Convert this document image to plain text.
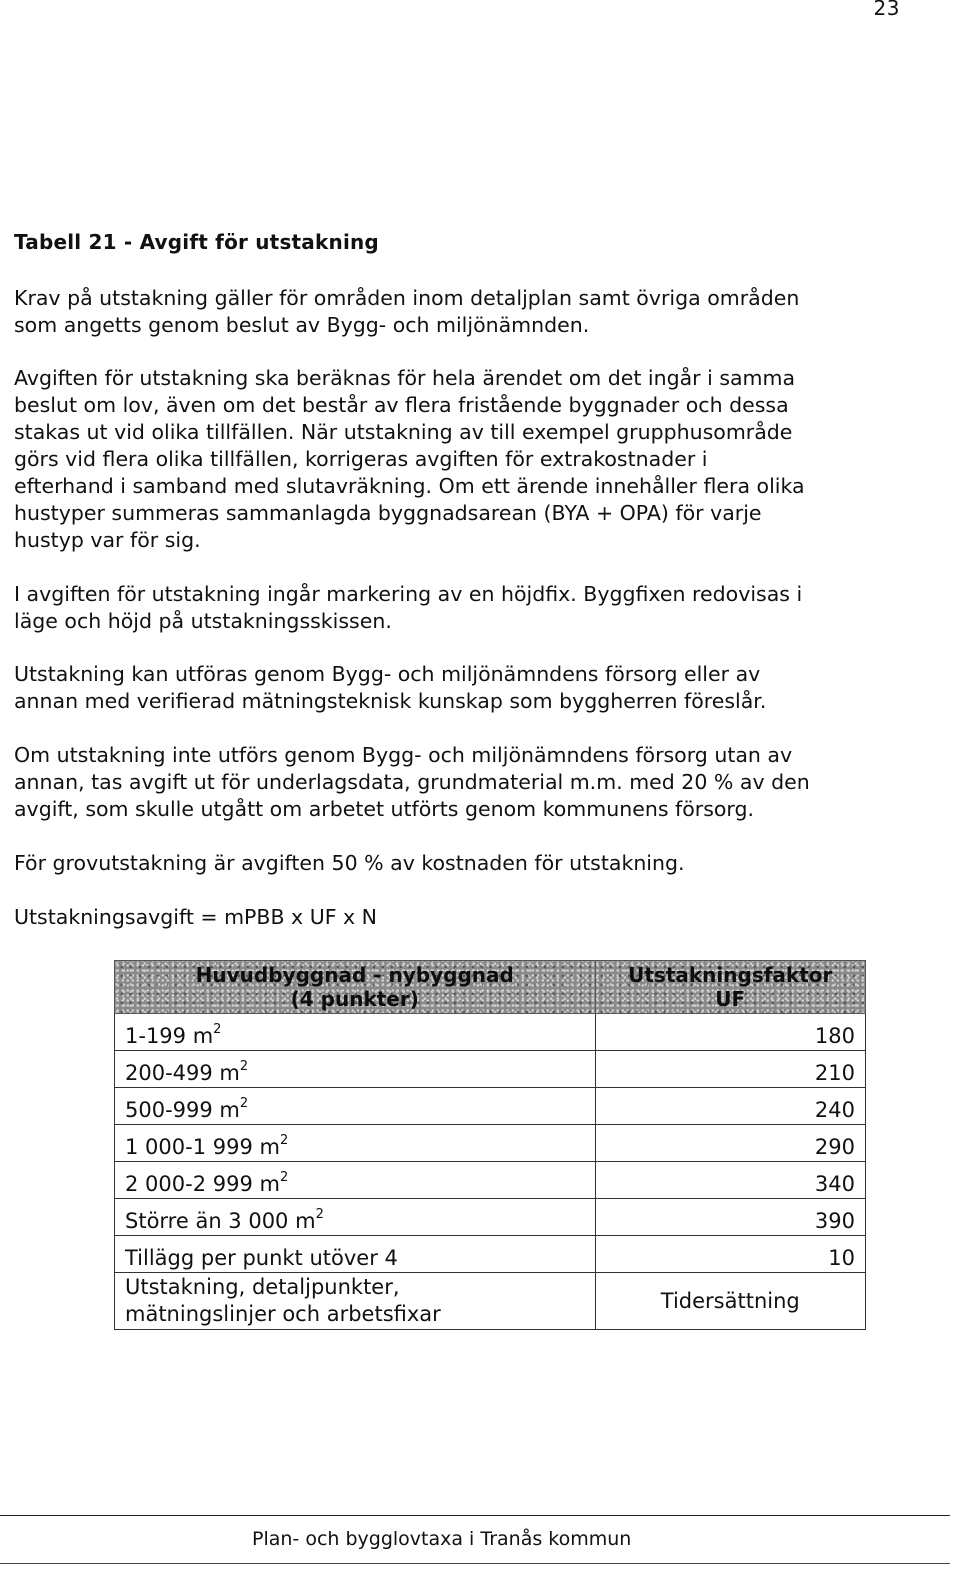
23
Tabell 21 - Avgift för utstakning

Krav på utstakning gäller för områden inom detaljplan samt övriga områden
som angetts genom beslut av Bygg- och miljönämnden.

Avgiften för utstakning ska beräknas för hela ärendet om det ingår i samma
beslut om lov, även om det består av flera fristående byggnader och dessa
stakas ut vid olika tillfällen. När utstakning av till exempel grupphusområde
görs vid flera olika tillfällen, korrigeras avgiften för extrakostnader i
efterhand i samband med slutavräkning. Om ett ärende innehåller flera olika
hustyper summeras sammanlagda byggnadsarean (BYA + OPA) för varje
hustyp var för sig.

I avgiften för utstakning ingår markering av en höjdfix. Byggfixen redovisas i
läge och höjd på utstakningsskissen.

Utstakning kan utföras genom Bygg- och miljönämndens försorg eller av
annan med verifierad mätningsteknisk kunskap som byggherren föreslår.

Om utstakning inte utförs genom Bygg- och miljönämndens försorg utan av
annan, tas avgift ut för underlagsdata, grundmaterial m.m. med 20 % av den
avgift, som skulle utgått om arbetet utförts genom kommunens försorg.

För grovutstakning är avgiften 50 % av kostnaden för utstakning.

Utstakningsavgift = mPBB x UF x N

Huvudbyggnad - nybyggnad
(4 punkter)	Utstakningsfaktor
UF
1-199 $m^2$	180
200-499 $m^2$	210
500-999 $m^2$	240
1 000-1 999 $m^2$	290
2 000-2 999 $m^2$	340
Större än 3 000 $m^2$	390
Tillägg per punkt utöver 4	10
Utstakning, detaljpunkter,
mätningslinjer och arbetsfixar	Tidersättning
Plan- och bygglovtaxa i Tranås kommun
